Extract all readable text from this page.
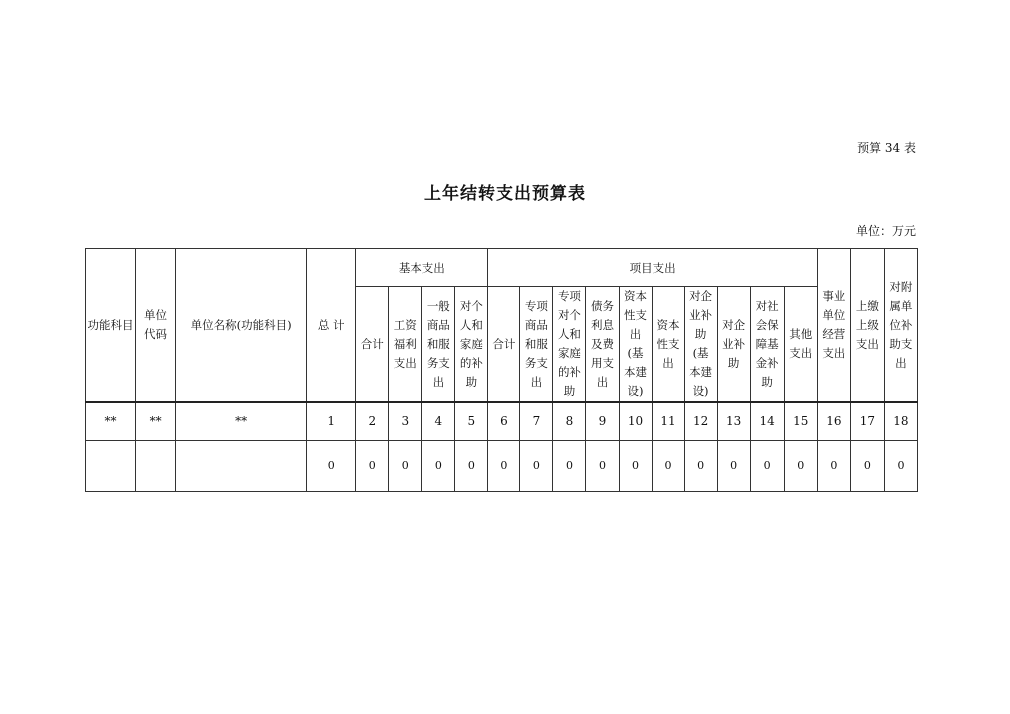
预算 34 表
上年结转支出预算表
单位：万元
功能科目	单位代码	单位名称(功能科目)	总 计	基本支出				项目支出										事业单位经营支出	上缴上级支出	对附属单位补助支出
				合计	工资福利支出	一般商品和服务支出	对个人和家庭的补助	合计	专项商品和服务支出	专项对个人和家庭的补助	债务利息及费用支出	资本性支出(基本建设)	资本性支出	对企业补助(基本建设)	对企业补助	对社会保障基金补助	其他支出			
**	**	**	1	2	3	4	5	6	7	8	9	10	11	12	13	14	15	16	17	18
			0	0	0	0	0	0	0	0	0	0	0	0	0	0	0	0	0	0
